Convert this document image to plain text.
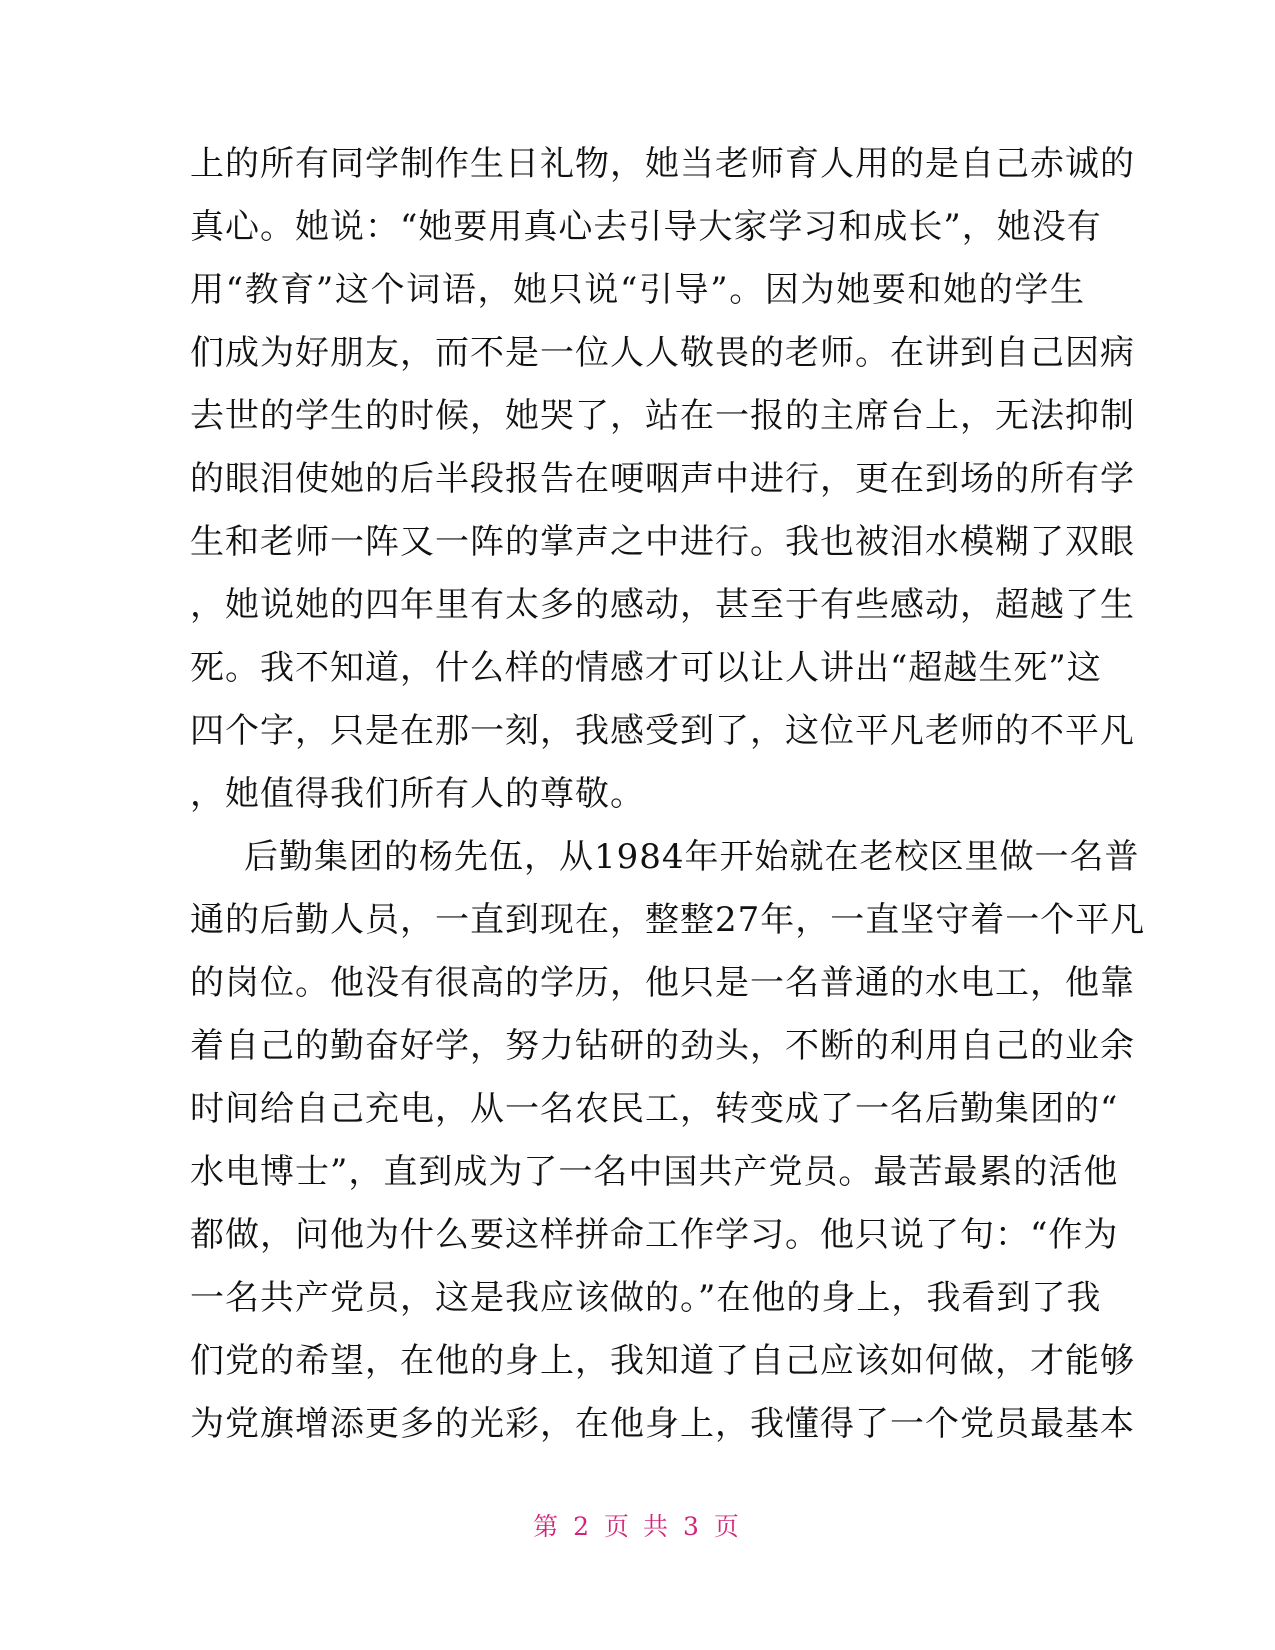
上的所有同学制作生日礼物，她当老师育人用的是自己赤诚的
真心。她说：“她要用真心去引导大家学习和成长”，她没有
用“教育”这个词语，她只说“引导”。因为她要和她的学生
们成为好朋友，而不是一位人人敬畏的老师。在讲到自己因病
去世的学生的时候，她哭了，站在一报的主席台上，无法抑制
的眼泪使她的后半段报告在哽咽声中进行，更在到场的所有学
生和老师一阵又一阵的掌声之中进行。我也被泪水模糊了双眼
，她说她的四年里有太多的感动，甚至于有些感动，超越了生
死。我不知道，什么样的情感才可以让人讲出“超越生死”这
四个字，只是在那一刻，我感受到了，这位平凡老师的不平凡
，她值得我们所有人的尊敬。
后勤集团的杨先伍，从1984年开始就在老校区里做一名普
通的后勤人员，一直到现在，整整27年，一直坚守着一个平凡
的岗位。他没有很高的学历，他只是一名普通的水电工，他靠
着自己的勤奋好学，努力钻研的劲头，不断的利用自己的业余
时间给自己充电，从一名农民工，转变成了一名后勤集团的“
水电博士”，直到成为了一名中国共产党员。最苦最累的活他
都做，问他为什么要这样拼命工作学习。他只说了句：“作为
一名共产党员，这是我应该做的。”在他的身上，我看到了我
们党的希望，在他的身上，我知道了自己应该如何做，才能够
为党旗增添更多的光彩，在他身上，我懂得了一个党员最基本
第 2 页 共 3 页
